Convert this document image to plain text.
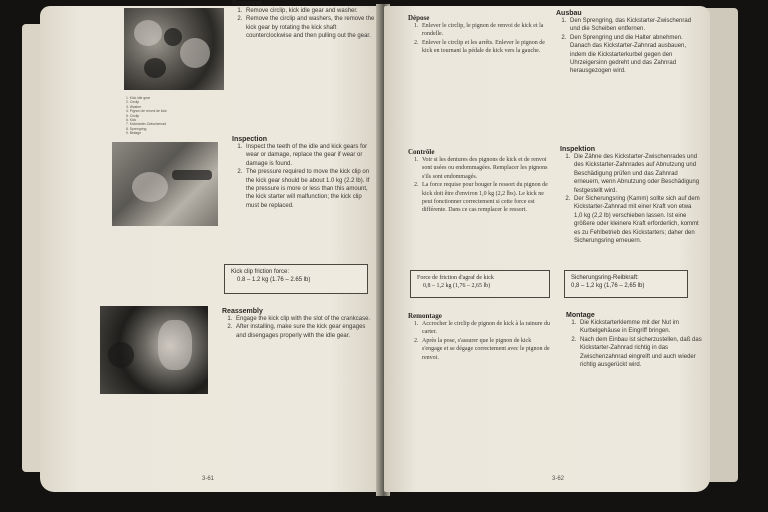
1. Kick idle gear
2. Circlip
3. Washer
4. Pignon de renvoi de kick
5. Circlip
6. Kick
7. Kickstarter-Zwischenrad
8. Sprengring
9. Beilage
Removal
1. Remove circlip, kick idle gear and washer.
2. Remove the circlip and washers, the remove the kick gear by rotating the kick shaft counterclockwise and then pulling out the gear.
Inspection
1. Inspect the teeth of the idle and kick gears for wear or damage, replace the gear if wear or damage is found.
2. The pressure required to move the kick clip on the kick gear should be about 1.0 kg (2.2 lb). If the pressure is more or less than this amount, the kick starter will malfunction; the kick clip must be replaced.
Kick clip friction force:
0.8 – 1.2 kg (1.76 – 2.65 lb)
Reassembly
1. Engage the kick clip with the slot of the crankcase.
2. After installing, make sure the kick gear engages and disengages properly with the idle gear.
3-61
Dépose
1. Enlever le circlip, le pignon de renvoi de kick et la rondelle.
2. Enlever le circlip et les arrêts. Enlever le pignon de kick en tournant la pédale de kick vers la gauche.
Ausbau
1. Den Sprengring, das Kickstarter-Zwischenrad und die Scheiben entfernen.
2. Den Sprengring und die Halter abnehmen. Danach das Kickstarter-Zahnrad ausbauen, indem die Kickstarterkurbel gegen den Uhrzeigersinn gedreht und das Zahnrad herausgezogen wird.
Contrôle
1. Voir si les dentures des pignons de kick et de renvoi sont usées ou endommagées. Remplacer les pignons s'ils sont endommagés.
2. La force requise pour bouger le ressort du pignon de kick doit être d'environ 1,0 kg (2,2 lbs). Le kick ne peut fonctionner correctement si cette force est différente. Dans ce cas remplacer le ressort.
Inspektion
1. Die Zähne des Kickstarter-Zwischenrades und des Kickstarter-Zahnrades auf Abnutzung und Beschädigung prüfen und das Zahnrad erneuern, wenn Abnutzung oder Beschädigung festgestellt wird.
2. Der Sicherungsring (Kamm) sollte sich auf dem Kickstarter-Zahnrad mit einer Kraft von etwa 1,0 kg (2,2 lb) verschieben lassen. Ist eine größere oder kleinere Kraft erforderlich, kommt es zu Fehlbetrieb des Kickstarters; daher den Sicherungsring erneuern.
Force de friction d'agraf de kick
0,8 – 1,2 kg (1,76 – 2,65 lb)
Sicherungsring-Reibkraft:
0,8 – 1,2 kg (1,76 – 2,65 lb)
Remontage
1. Accrocher le circlip de pignon de kick à la rainure du carter.
2. Après la pose, s'assurer que le pignon de kick s'engage et se dégage correctement avec le pignon de renvoi.
Montage
1. Die Kickstarterklemme mit der Nut im Kurbelgehäuse in Eingriff bringen.
2. Nach dem Einbau ist sicherzustellen, daß das Kickstarter-Zahnrad richtig in das Zwischenzahnrad eingreift und auch wieder richtig ausgerückt wird.
3-62
